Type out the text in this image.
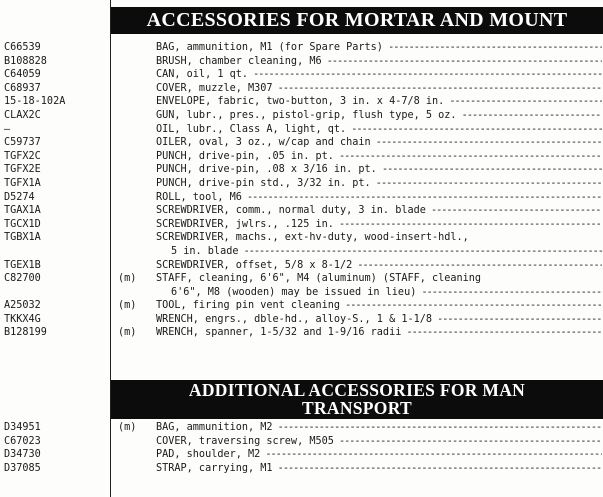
ACCESSORIES FOR MORTAR AND MOUNT
C66539	BAG, ammunition, M1 (for Spare Parts) -----
B108828	BRUSH, chamber cleaning, M6 -----
C64059	CAN, oil, 1 qt. -----
C68937	COVER, muzzle, M307 -----
15-18-102A	ENVELOPE, fabric, two-button, 3 in. x 4-7/8 in. -----
CLAX2C	GUN, lubr., pres., pistol-grip, flush type, 5 oz. -----
—	OIL, lubr., Class A, light, qt. -----
C59737	OILER, oval, 3 oz., w/cap and chain -----
TGFX2C	PUNCH, drive-pin, .05 in. pt. -----
TGFX2E	PUNCH, drive-pin, .08 x 3/16 in. pt. -----
TGFX1A	PUNCH, drive-pin std., 3/32 in. pt. -----
D5274	ROLL, tool, M6 -----
TGAX1A	SCREWDRIVER, comm., normal duty, 3 in. blade -----
TGCX1D	SCREWDRIVER, jwlrs., .125 in. -----
TGBX1A	SCREWDRIVER, machs., ext-hv-duty, wood-insert-hdl.,
5 in. blade -----
TGEX1B	SCREWDRIVER, offset, 5/8 x 8-1/2 -----
C82700	(m) STAFF, cleaning, 6'6", M4 (aluminum) (STAFF, cleaning
6'6", M8 (wooden) may be issued in lieu) -----
A25032	(m) TOOL, firing pin vent cleaning -----
TKKX4G	WRENCH, engrs., dble-hd., alloy-S., 1 & 1-1/8 -----
B128199	(m) WRENCH, spanner, 1-5/32 and 1-9/16 radii -----
ADDITIONAL ACCESSORIES FOR MAN
TRANSPORT
D34951	(m) BAG, ammunition, M2 -----
C67023	COVER, traversing screw, M505 -----
D34730	PAD, shoulder, M2 -----
D37085	STRAP, carrying, M1 -----
